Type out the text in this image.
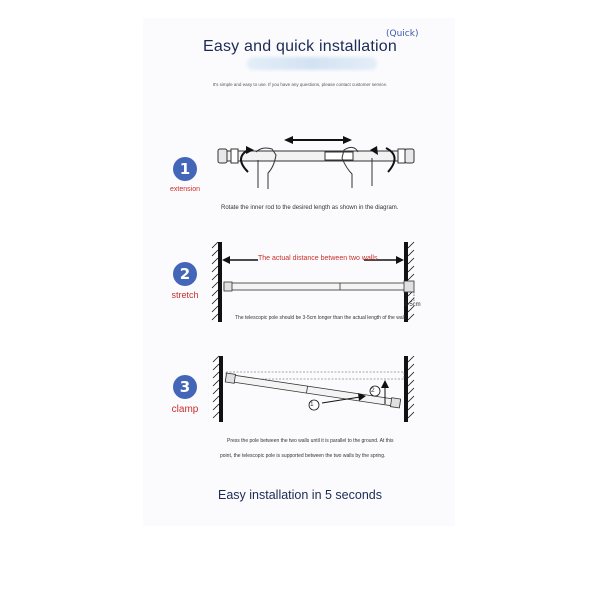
Easy and quick installation
(Quick)
It's simple and easy to use. If you have any questions, please contact customer service.
1
extension
Rotate the inner rod to the desired length as shown in the diagram.
2
stretch
The actual distance between two walls
3-5cm
The telescopic pole should be 3-5cm longer than the actual length of the wall.
3
clamp	1
2
Press the pole between the two walls until it is parallel to the ground. At this
point, the telescopic pole is supported between the two walls by the spring.
Easy installation in 5 seconds
